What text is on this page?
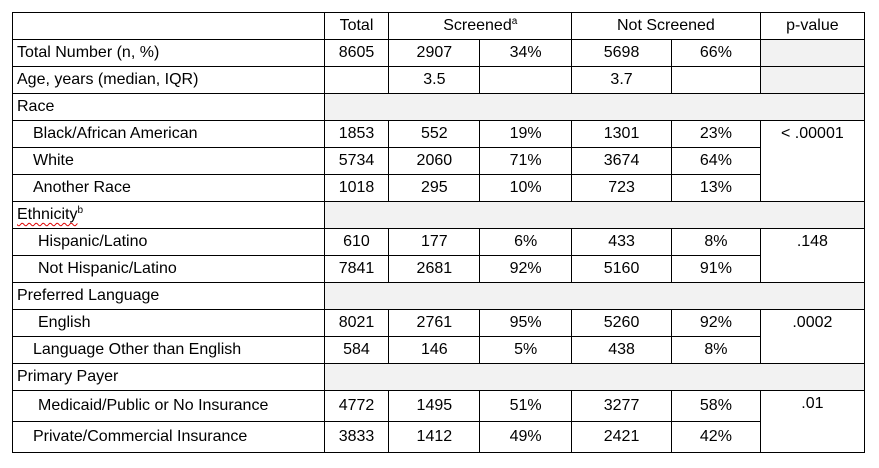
	Total	Screened$^a$		Not Screened		p-value
Total Number (n, %)	8605	2907	34%	5698	66%	
Age, years (median, IQR)		3.5		3.7		
Race						
Black/African American	1853	552	19%	1301	23%	< .00001
White	5734	2060	71%	3674	64%	
Another Race	1018	295	10%	723	13%	
Ethnicity$^b$	
Hispanic/Latino	610	177	6%	433	8%	.148
Not Hispanic/Latino	7841	2681	92%	5160	91%	
Preferred Language						
English	8021	2761	95%	5260	92%	.0002
Language Other than English	584	146	5%	438	8%	
Primary Payer						
Medicaid/Public or No Insurance	4772	1495	51%	3277	58%	.01
Private/Commercial Insurance	3833	1412	49%	2421	42%	
